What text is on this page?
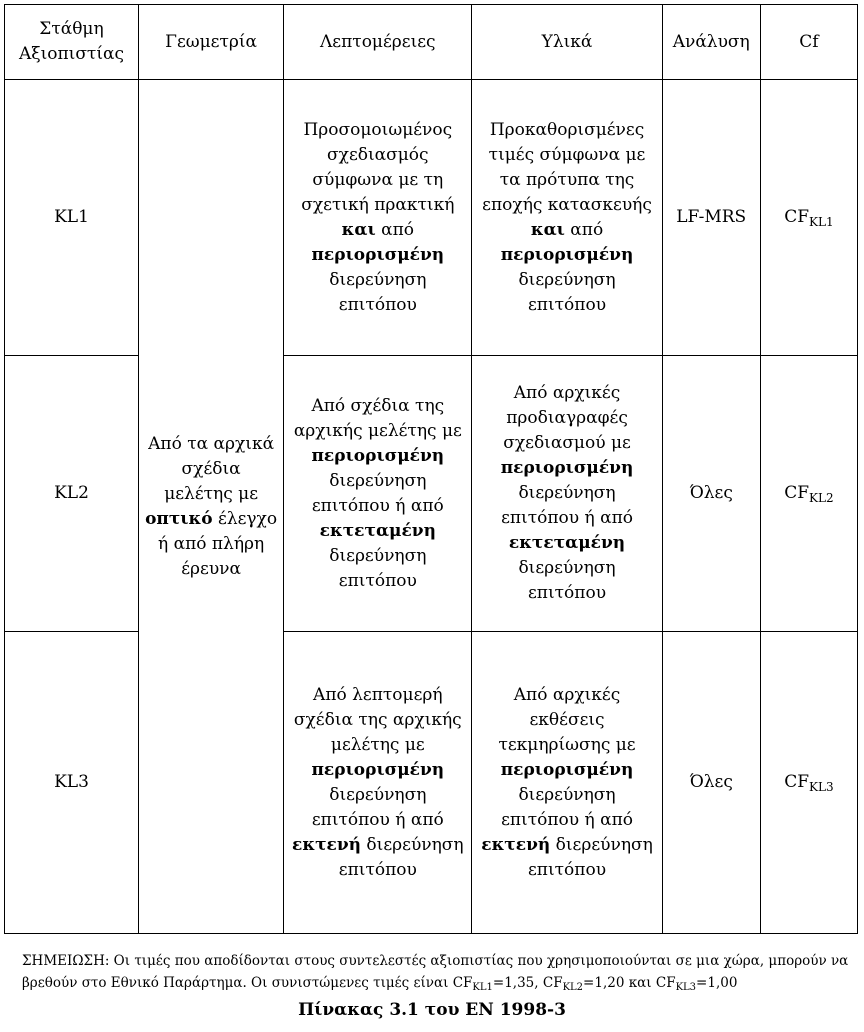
Στάθμη Αξιοπιστίας	Γεωμετρία	Λεπτομέρειες	Υλικά	Ανάλυση	Cf
KL1	Από τα αρχικά σχέδια μελέτης με οπτικό έλεγχο ή από πλήρη έρευνα	Προσομοιωμένος σχεδιασμός σύμφωνα με τη σχετική πρακτική και από περιορισμένη διερεύνηση επιτόπου	Προκαθορισμένες τιμές σύμφωνα με τα πρότυπα της εποχής κατασκευής και από περιορισμένη διερεύνηση επιτόπου	LF-MRS	$CF_{KL1}$
KL2		Από σχέδια της αρχικής μελέτης με περιορισμένη διερεύνηση επιτόπου ή από εκτεταμένη διερεύνηση επιτόπου	Από αρχικές προδιαγραφές σχεδιασμού με περιορισμένη διερεύνηση επιτόπου ή από εκτεταμένη διερεύνηση επιτόπου	Όλες	$CF_{KL2}$
KL3		Από λεπτομερή σχέδια της αρχικής μελέτης με περιορισμένη διερεύνηση επιτόπου ή από εκτενή διερεύνηση επιτόπου	Από αρχικές εκθέσεις τεκμηρίωσης με περιορισμένη διερεύνηση επιτόπου ή από εκτενή διερεύνηση επιτόπου	Όλες	$CF_{KL3}$
ΣΗΜΕΙΩΣΗ: Οι τιμές που αποδίδονται στους συντελεστές αξιοπιστίας που χρησιμοποιούνται σε μια χώρα, μπορούν να βρεθούν στο Εθνικό Παράρτημα. Οι συνιστώμενες τιμές είναι $CF_{KL1}=1,35$, $CF_{KL2}=1,20$ και $CF_{KL3}=1,00$
Πίνακας 3.1 του EN 1998-3
